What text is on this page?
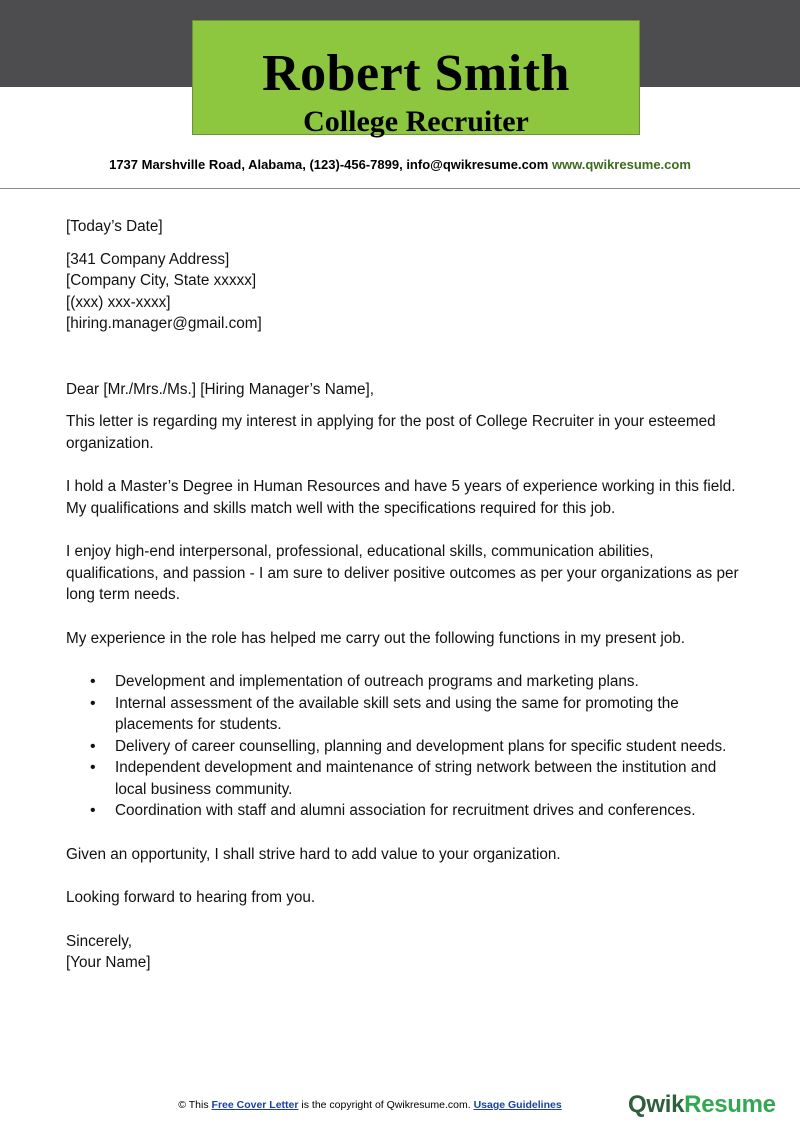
Robert Smith
College Recruiter
1737 Marshville Road, Alabama, (123)-456-7899, info@qwikresume.com www.qwikresume.com

[Today’s Date]

[341 Company Address]

[Company City, State xxxxx]

[(xxx) xxx-xxxx]

[hiring.manager@gmail.com]

Dear [Mr./Mrs./Ms.] [Hiring Manager’s Name],

This letter is regarding my interest in applying for the post of College Recruiter in your esteemed organization.

I hold a Master’s Degree in Human Resources and have 5 years of experience working in this field. My qualifications and skills match well with the specifications required for this job.

I enjoy high-end interpersonal, professional, educational skills, communication abilities, qualifications, and passion - I am sure to deliver positive outcomes as per your organizations as per long term needs.

My experience in the role has helped me carry out the following functions in my present job.

• Development and implementation of outreach programs and marketing plans.
• Internal assessment of the available skill sets and using the same for promoting the placements for students.
• Delivery of career counselling, planning and development plans for specific student needs.
• Independent development and maintenance of string network between the institution and local business community.
• Coordination with staff and alumni association for recruitment drives and conferences.

Given an opportunity, I shall strive hard to add value to your organization.

Looking forward to hearing from you.

Sincerely,

[Your Name]

© This Free Cover Letter is the copyright of Qwikresume.com. Usage Guidelines	QwikResume
